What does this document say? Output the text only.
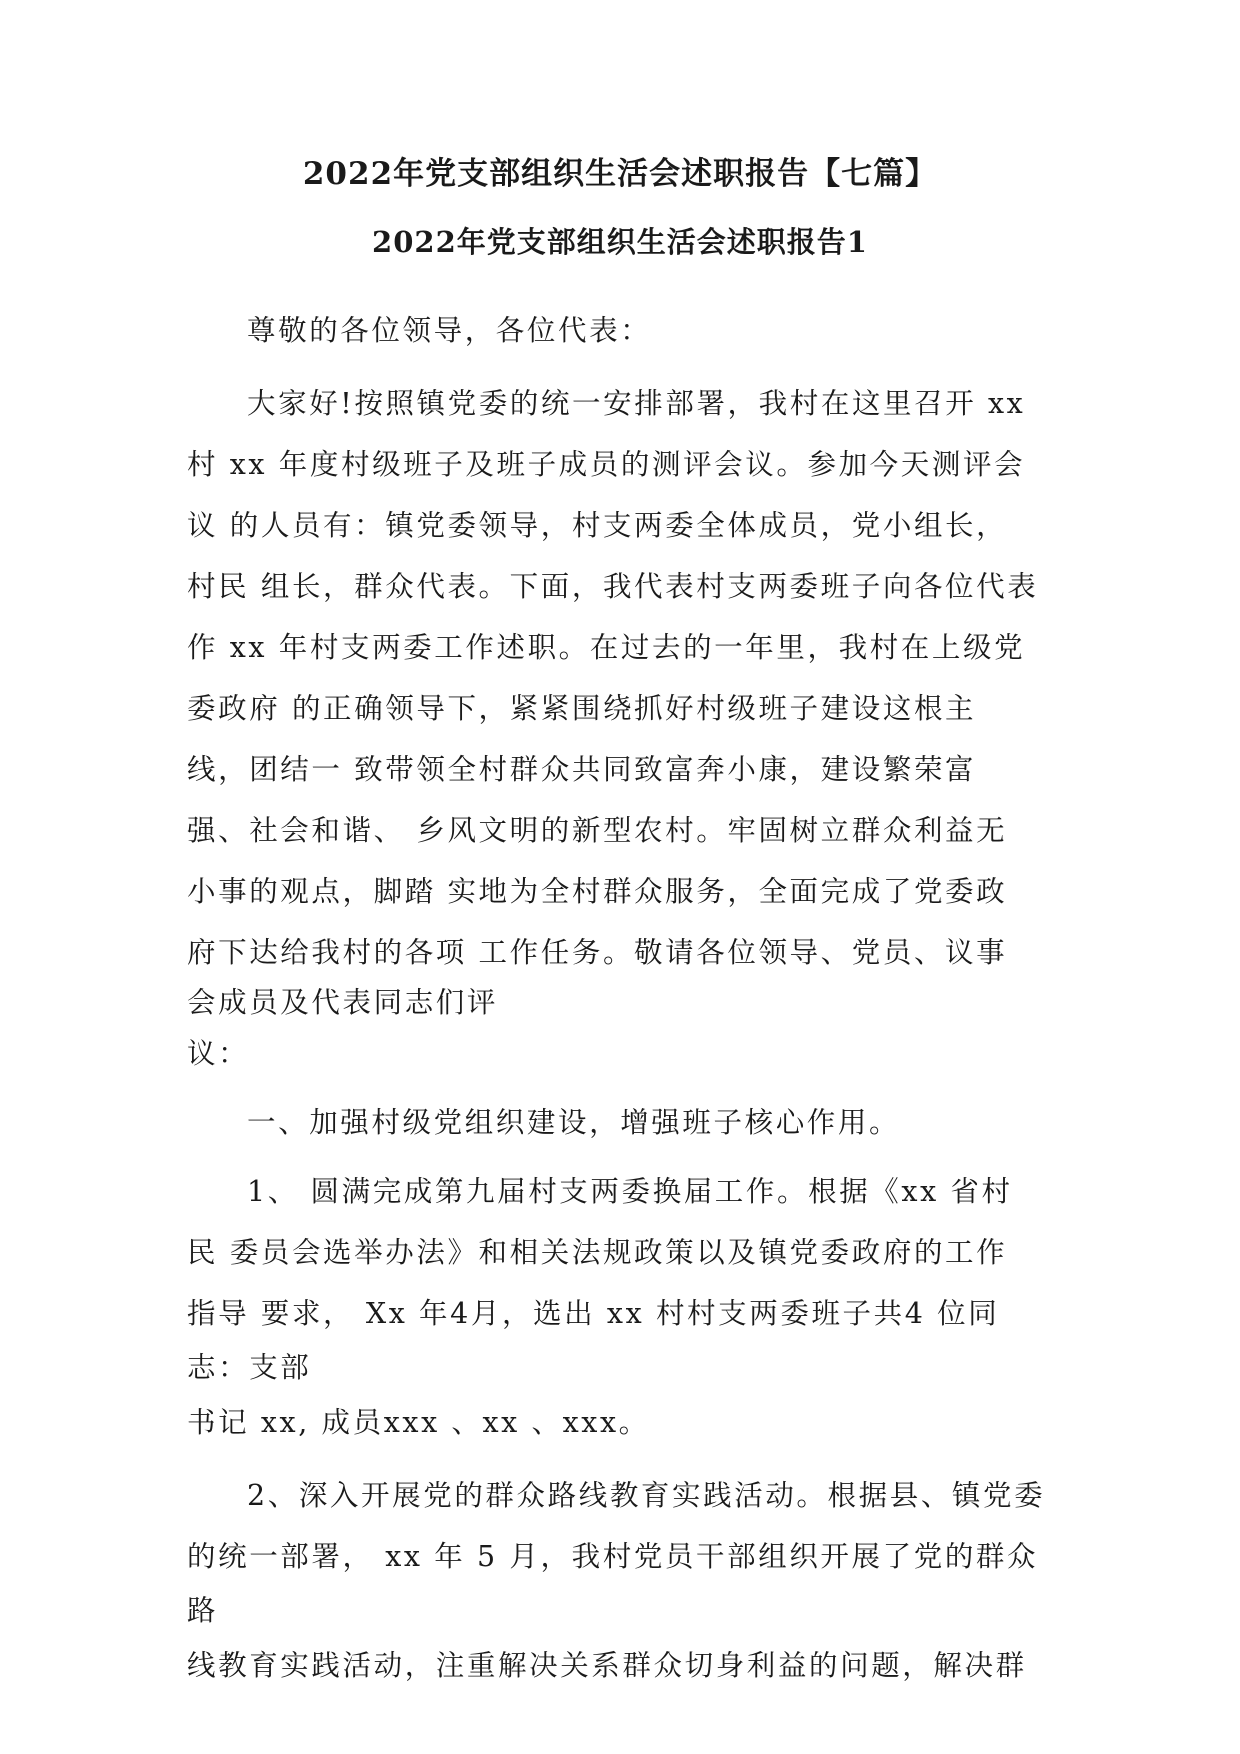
2022年党支部组织生活会述职报告【七篇】
2022年党支部组织生活会述职报告1
尊敬的各位领导，各位代表：
大家好!按照镇党委的统一安排部署，我村在这里召开 xx
村 xx 年度村级班子及班子成员的测评会议。参加今天测评会
议 的人员有：镇党委领导，村支两委全体成员，党小组长，
村民 组长，群众代表。下面，我代表村支两委班子向各位代表
作 xx 年村支两委工作述职。在过去的一年里，我村在上级党
委政府 的正确领导下，紧紧围绕抓好村级班子建设这根主
线，团结一 致带领全村群众共同致富奔小康，建设繁荣富
强、社会和谐、 乡风文明的新型农村。牢固树立群众利益无
小事的观点，脚踏 实地为全村群众服务，全面完成了党委政
府下达给我村的各项 工作任务。敬请各位领导、党员、议事
会成员及代表同志们评
议：
一、加强村级党组织建设，增强班子核心作用。
1、 圆满完成第九届村支两委换届工作。根据《xx 省村
民 委员会选举办法》和相关法规政策以及镇党委政府的工作
指导 要求， Xx 年4月，选出 xx 村村支两委班子共4 位同
志：支部
书记 xx, 成员xxx 、xx 、xxx。
2、深入开展党的群众路线教育实践活动。根据县、镇党委
的统一部署， xx 年 5 月，我村党员干部组织开展了党的群众
路
线教育实践活动，注重解决关系群众切身利益的问题，解决群
